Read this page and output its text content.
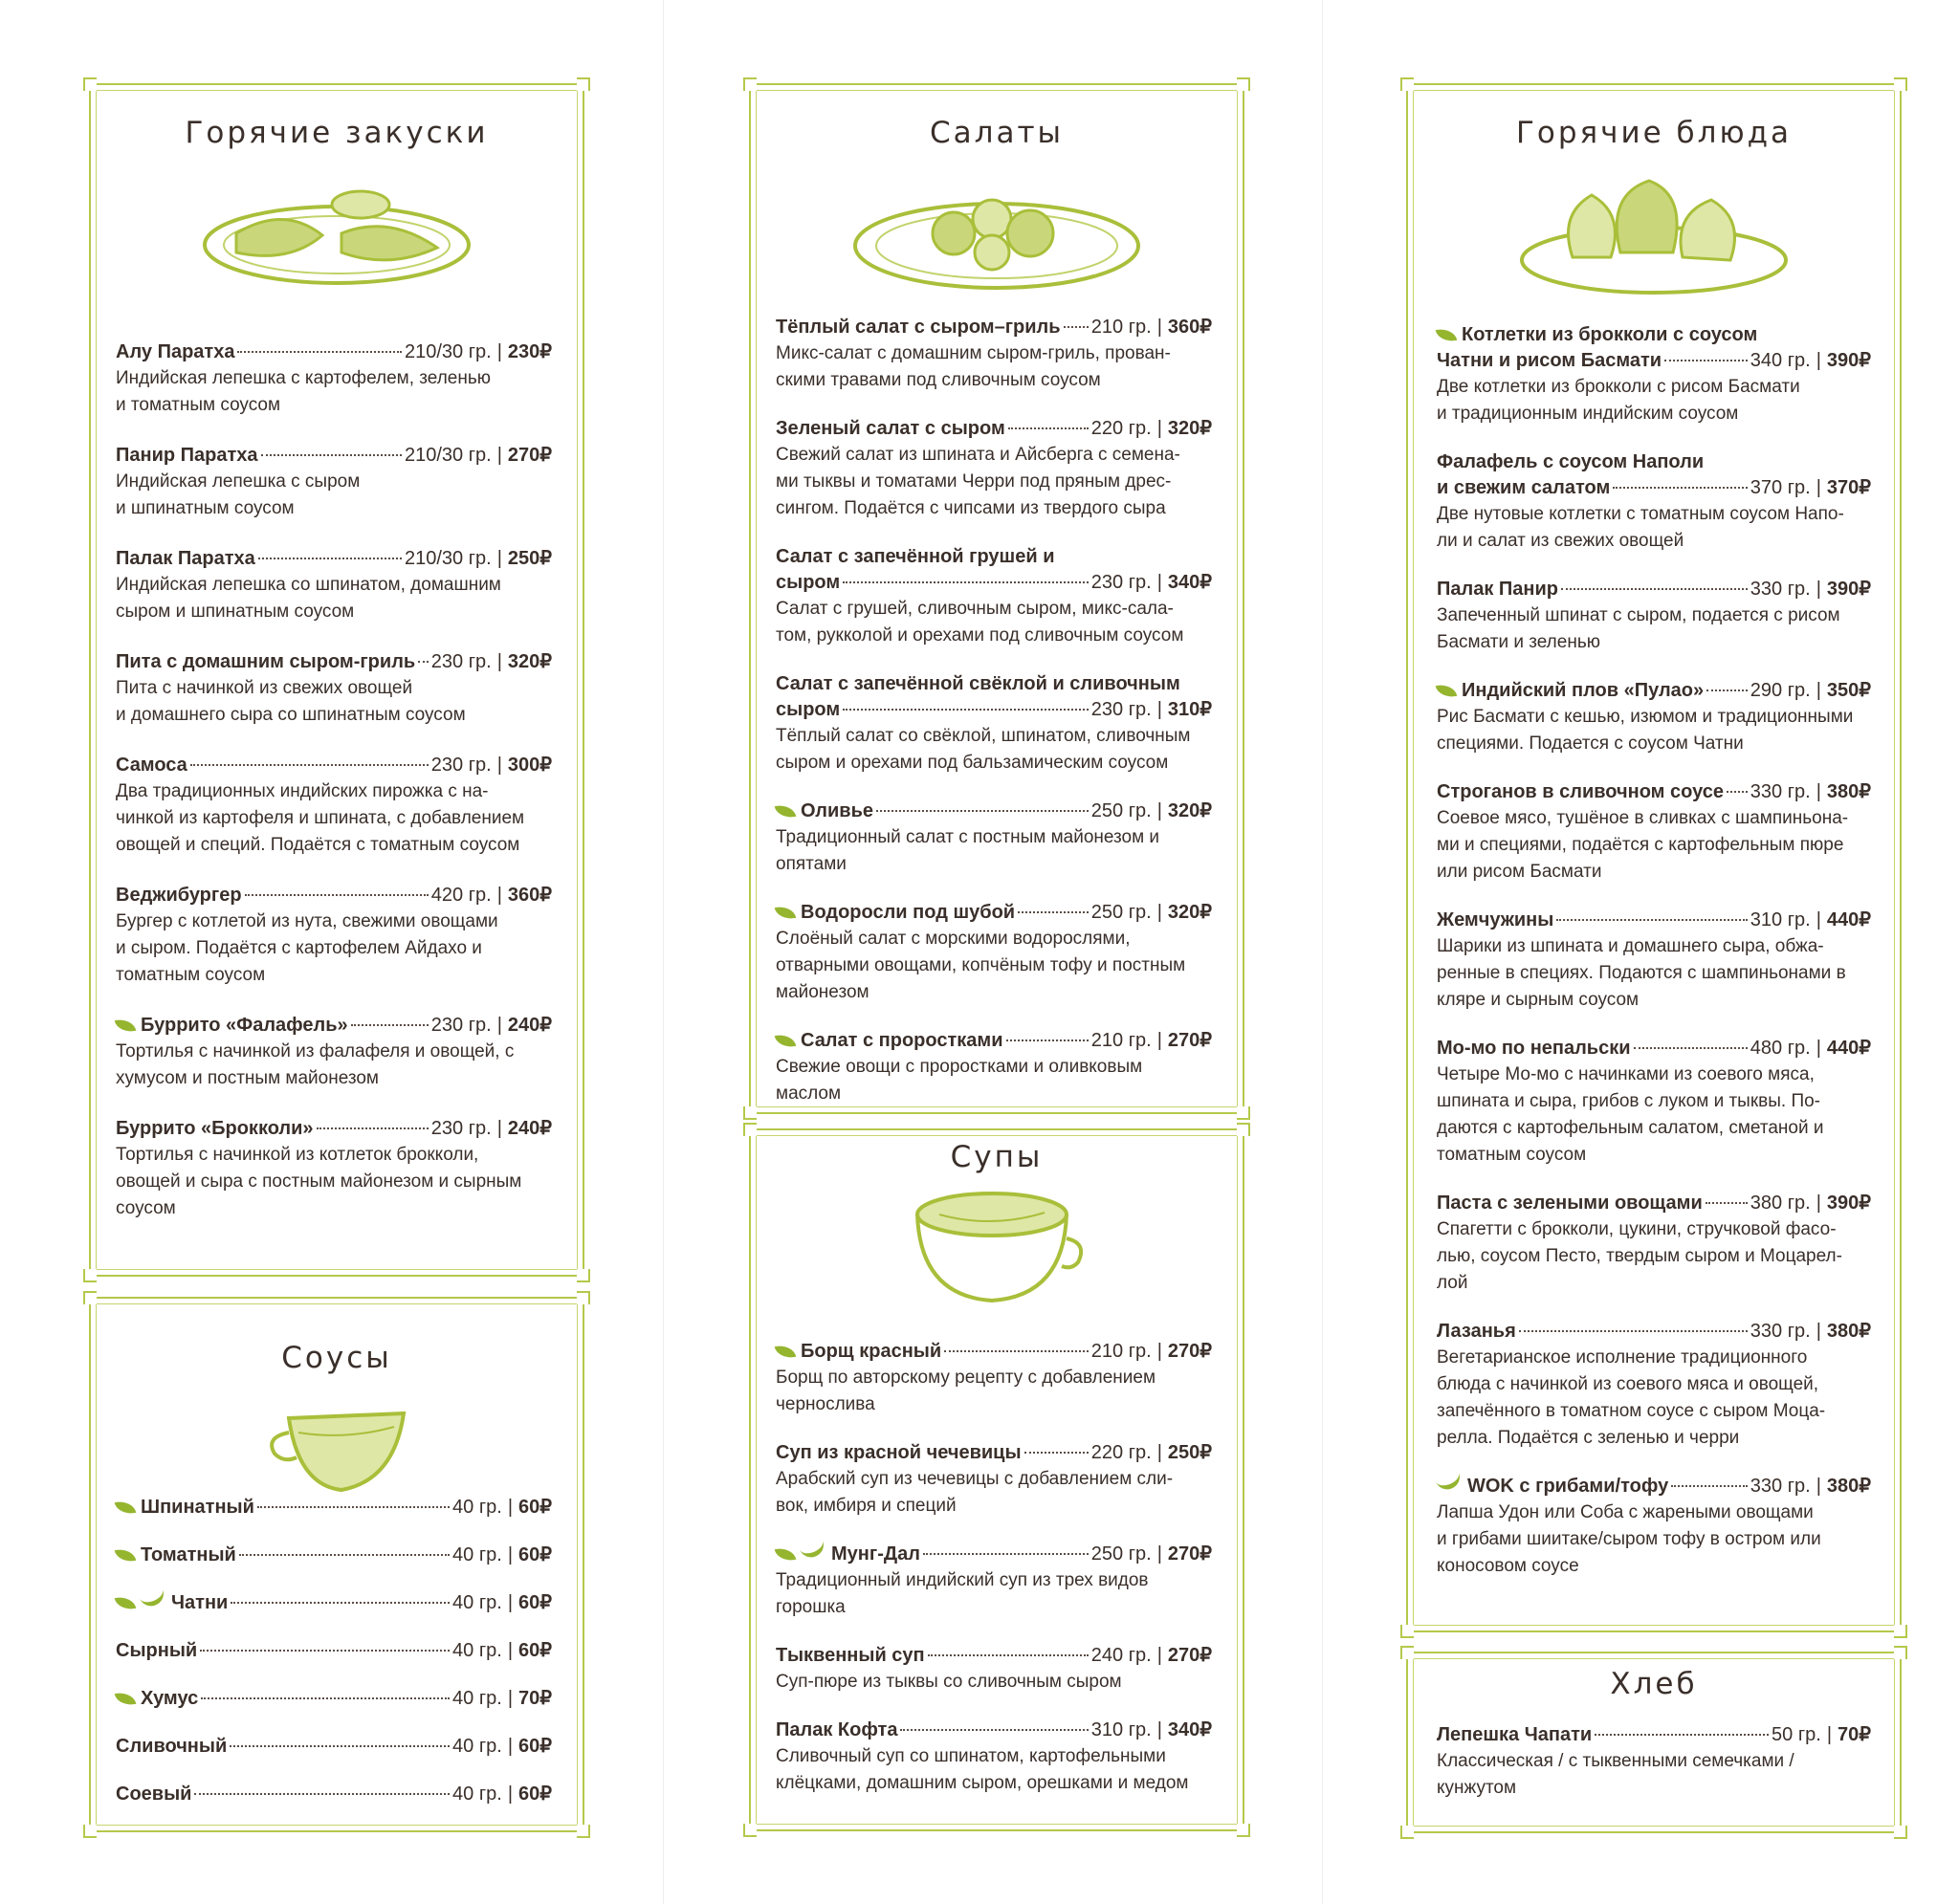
Горячие закуски
Алу Паратха	210/30 гр. | 230₽
Индийская лепешка с картофелем, зеленью
и томатным соусом
Панир Паратха	210/30 гр. | 270₽
Индийская лепешка с сыром
и шпинатным соусом
Палак Паратха	210/30 гр. | 250₽
Индийская лепешка со шпинатом, домашним
сыром и шпинатным соусом
Пита с домашним сыром-гриль 230 гр. | 320₽
Пита с начинкой из свежих овощей
и домашнего сыра со шпинатным соусом
Самоса	230 гр. | 300₽
Два традиционных индийских пирожка с на-
чинкой из картофеля и шпината, с добавлением
овощей и специй. Подаётся с томатным соусом
Веджибургер	420 гр. | 360₽
Бургер с котлетой из нута, свежими овощами
и сыром. Подаётся с картофелем Айдахо и
томатным соусом
Буррито «Фалафель»	230 гр. | 240₽
Тортилья с начинкой из фалафеля и овощей, с
хумусом и постным майонезом
Буррито «Брокколи»	230 гр. | 240₽
Тортилья с начинкой из котлеток брокколи,
овощей и сыра с постным майонезом и сырным
соусом
Соусы
Шпинатный	40 гр. | 60₽
Томатный	40 гр. | 60₽
Чатни	40 гр. | 60₽
Сырный	40 гр. | 60₽
Хумус	40 гр. | 70₽
Сливочный	40 гр. | 60₽
Соевый	40 гр. | 60₽
Салаты
Тёплый салат с сыром–гриль 210 гр. | 360₽
Микс-салат с домашним сыром-гриль, прован-
скими травами под сливочным соусом
Зеленый салат с сыром	220 гр. | 320₽
Свежий салат из шпината и Айсберга с семена-
ми тыквы и томатами Черри под пряным дрес-
сингом. Подаётся с чипсами из твердого сыра
Салат с запечённой грушей и
сыром	230 гр. | 340₽
Салат с грушей, сливочным сыром, микс-сала-
том, рукколой и орехами под сливочным соусом
Салат с запечённой свёклой и сливочным
сыром	230 гр. | 310₽
Тёплый салат со свёклой, шпинатом, сливочным
сыром и орехами под бальзамическим соусом
Оливье	250 гр. | 320₽
Традиционный салат с постным майонезом и
опятами
Водоросли под шубой	250 гр. | 320₽
Слоёный салат с морскими водорослями,
отварными овощами, копчёным тофу и постным
майонезом
Салат с проростками	210 гр. | 270₽
Свежие овощи с проростками и оливковым
маслом
Супы
Борщ красный	210 гр. | 270₽
Борщ по авторскому рецепту с добавлением
чернослива
Суп из красной чечевицы	220 гр. | 250₽
Арабский суп из чечевицы с добавлением сли-
вок, имбиря и специй
Мунг-Дал	250 гр. | 270₽
Традиционный индийский суп из трех видов
горошка
Тыквенный суп	240 гр. | 270₽
Суп-пюре из тыквы со сливочным сыром
Палак Кофта	310 гр. | 340₽
Сливочный суп со шпинатом, картофельными
клёцками, домашним сыром, орешками и медом
Горячие блюда
Котлетки из брокколи с соусом
Чатни и рисом Басмати	340 гр. | 390₽
Две котлетки из брокколи с рисом Басмати
и традиционным индийским соусом
Фалафель с соусом Наполи
и свежим салатом	370 гр. | 370₽
Две нутовые котлетки с томатным соусом Напо-
ли и салат из свежих овощей
Палак Панир	330 гр. | 390₽
Запеченный шпинат с сыром, подается с рисом
Басмати и зеленью
Индийский плов «Пулао» 290 гр. | 350₽
Рис Басмати с кешью, изюмом и традиционными
специями. Подается с соусом Чатни
Строганов в сливочном соусе 330 гр. | 380₽
Соевое мясо, тушёное в сливках с шампиньона-
ми и специями, подаётся с картофельным пюре
или рисом Басмати
Жемчужины	310 гр. | 440₽
Шарики из шпината и домашнего сыра, обжа-
ренные в специях. Подаются с шампиньонами в
кляре и сырным соусом
Мо-мо по непальски	480 гр. | 440₽
Четыре Мо-мо с начинками из соевого мяса,
шпината и сыра, грибов с луком и тыквы. По-
даются с картофельным салатом, сметаной и
томатным соусом
Паста с зелеными овощами	380 гр. | 390₽
Спагетти с брокколи, цукини, стручковой фасо-
лью, соусом Песто, твердым сыром и Моцарел-
лой
Лазанья	330 гр. | 380₽
Вегетарианское исполнение традиционного
блюда с начинкой из соевого мяса и овощей,
запечённого в томатном соусе с сыром Моца-
релла. Подаётся с зеленью и черри
WOK с грибами/тофу	330 гр. | 380₽
Лапша Удон или Соба с жареными овощами
и грибами шиитаке/сыром тофу в остром или
коносовом соусе
Хлеб
Лепешка Чапати	50 гр. | 70₽
Классическая / с тыквенными семечками /
кунжутом
